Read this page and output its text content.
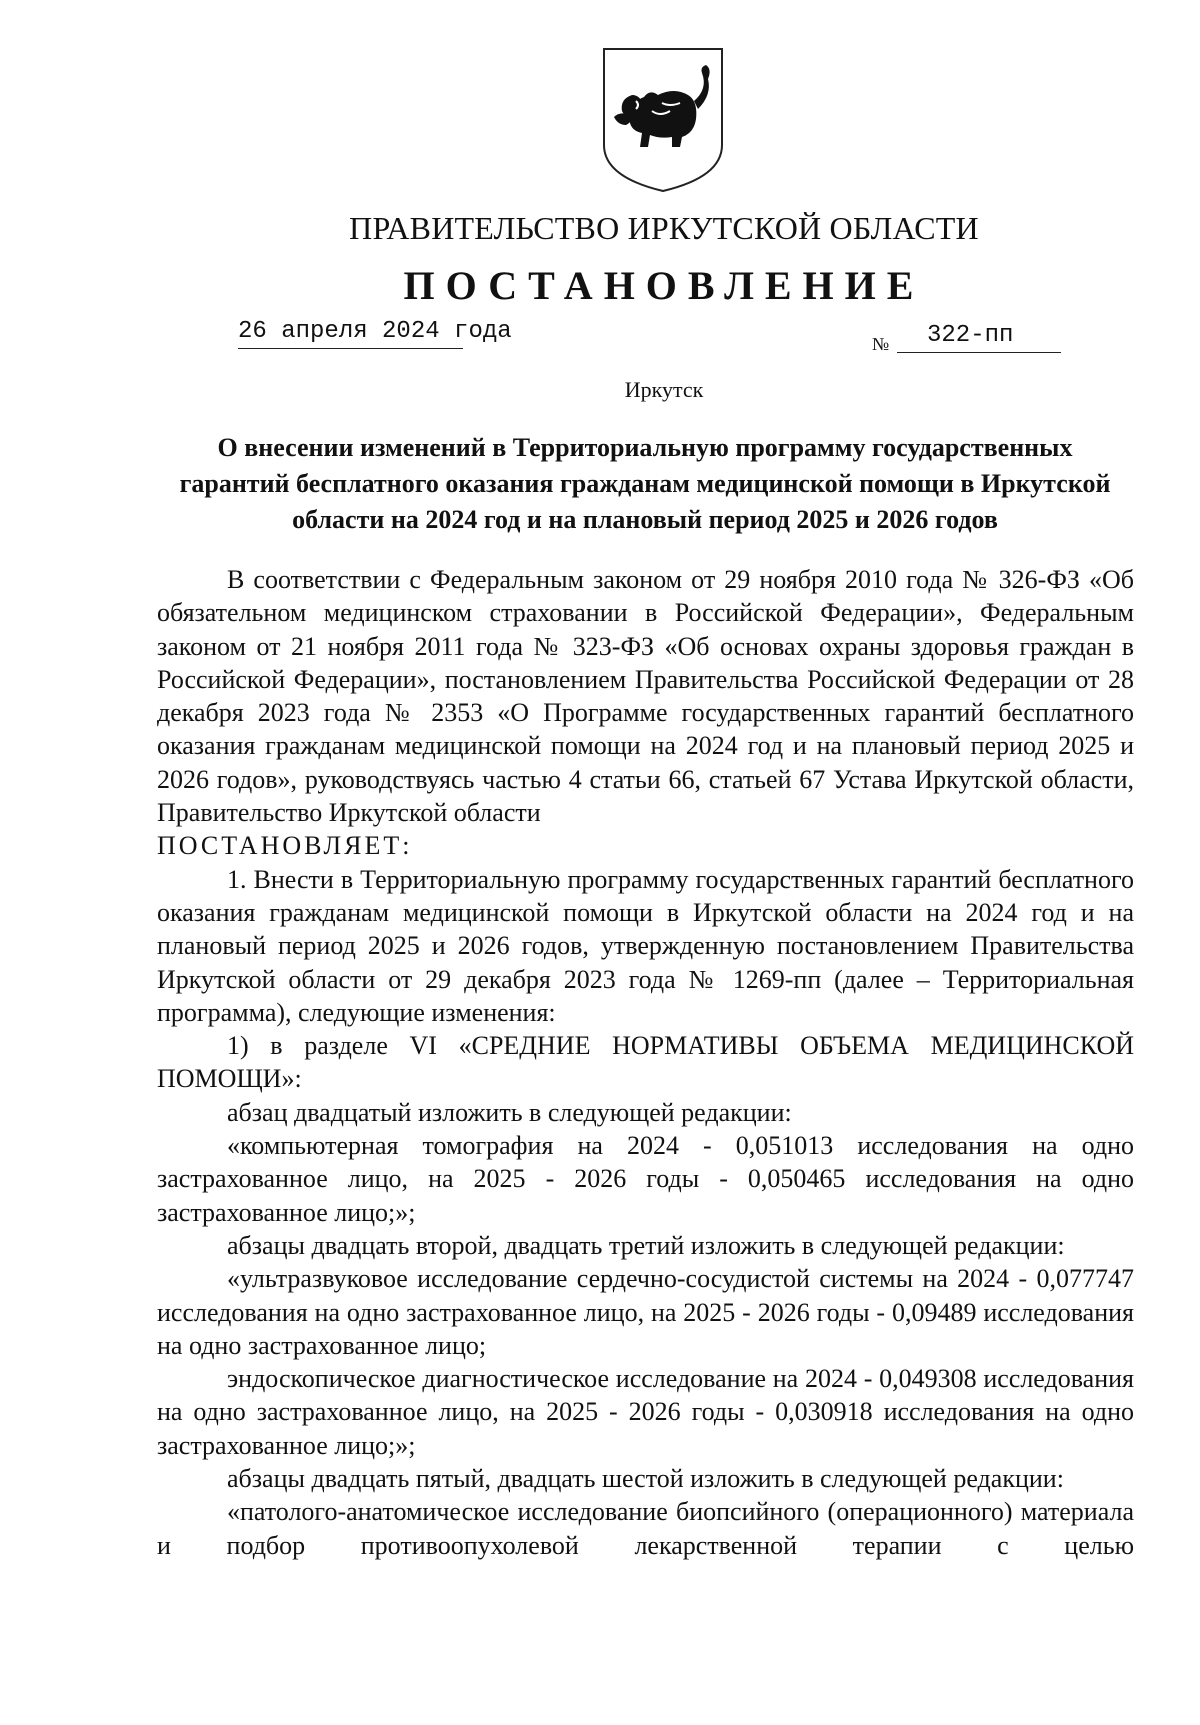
ПРАВИТЕЛЬСТВО ИРКУТСКОЙ ОБЛАСТИ
ПОСТАНОВЛЕНИЕ
26 апреля 2024 года	№	322-пп
Иркутск
О внесении изменений в Территориальную программу государственных гарантий бесплатного оказания гражданам медицинской помощи в Иркутской области на 2024 год и на плановый период 2025 и 2026 годов

В соответствии с Федеральным законом от 29 ноября 2010 года № 326-ФЗ «Об обязательном медицинском страховании в Российской Федерации», Федеральным законом от 21 ноября 2011 года № 323-ФЗ «Об основах охраны здоровья граждан в Российской Федерации», постановлением Правительства Российской Федерации от 28 декабря 2023 года № 2353 «О Программе государственных гарантий бесплатного оказания гражданам медицинской помощи на 2024 год и на плановый период 2025 и 2026 годов», руководствуясь частью 4 статьи 66, статьей 67 Устава Иркутской области, Правительство Иркутской области

ПОСТАНОВЛЯЕТ:

1. Внести в Территориальную программу государственных гарантий бесплатного оказания гражданам медицинской помощи в Иркутской области на 2024 год и на плановый период 2025 и 2026 годов, утвержденную постановлением Правительства Иркутской области от 29 декабря 2023 года № 1269-пп (далее – Территориальная программа), следующие изменения:

1) в разделе VI «СРЕДНИЕ НОРМАТИВЫ ОБЪЕМА МЕДИЦИНСКОЙ ПОМОЩИ»:

абзац двадцатый изложить в следующей редакции:

«компьютерная томография на 2024 - 0,051013 исследования на одно застрахованное лицо, на 2025 - 2026 годы - 0,050465 исследования на одно застрахованное лицо;»;

абзацы двадцать второй, двадцать третий изложить в следующей редакции:

«ультразвуковое исследование сердечно-сосудистой системы на 2024 - 0,077747 исследования на одно застрахованное лицо, на 2025 - 2026 годы - 0,09489 исследования на одно застрахованное лицо;

эндоскопическое диагностическое исследование на 2024 - 0,049308 исследования на одно застрахованное лицо, на 2025 - 2026 годы - 0,030918 исследования на одно застрахованное лицо;»;

абзацы двадцать пятый, двадцать шестой изложить в следующей редакции:

«патолого-анатомическое исследование биопсийного (операционного) материала и подбор противоопухолевой лекарственной терапии с целью
